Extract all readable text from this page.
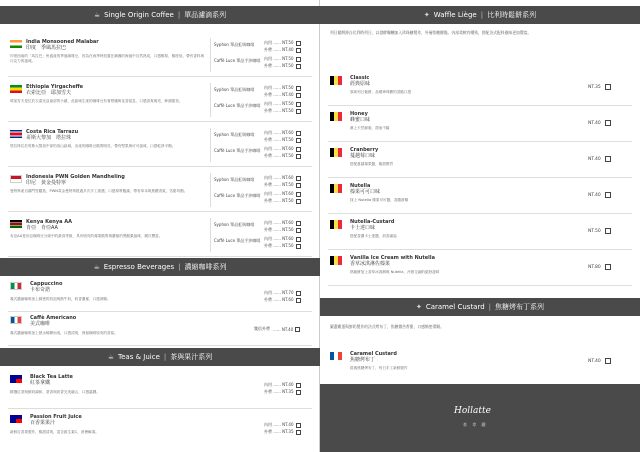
☕ Single Origin Coffee | 單品濾滴系列
India Monsooned Malabar
印度　季風馬拉巴
印度西南的「馬拉巴」州盛產的季風咖啡豆，因為在雨季時放置在潮濕的海風中自然熟成，口感醇厚，酸度低，帶有香料與巧克力的風味。
Syphon 單品虹吸咖啡 內用 ...... NT.50
外帶 ...... NT.40
Caffè Luce 單品手沖咖啡 內用 ...... NT.50
外帶 ...... NT.50
Ethiopia Yirgacheffe
衣索比亞　耶加雪夫
耶加雪夫是位於衣索比亞南部的小鎮，此區域生產的咖啡豆有著柑橘與花香氣息，口感清爽明亮，餘韻甜美。
Syphon 單品虹吸咖啡 內用 ...... NT.50
外帶 ...... NT.40
Caffè Luce 單品手沖咖啡 內用 ...... NT.50
外帶 ...... NT.50
Costa Rica Tarrazu
哥斯大黎加　塔拉珠
塔拉珠位於哥斯大黎加中部的高山區域，出產的咖啡豆酸質明亮，帶有堅果與可可風味，口感乾淨平衡。
Syphon 單品虹吸咖啡 內用 ...... NT.60
外帶 ...... NT.50
Caffè Luce 單品手沖咖啡 內用 ...... NT.60
外帶 ...... NT.50
Indonesia PWN Golden Mandheling
印尼　黃金曼特寧
曼特寧產自蘇門答臘島，PWN黃金曼特寧經過多次手工挑選，口感厚實飽滿，帶有草本與焦糖香氣，苦甜均衡。
Syphon 單品虹吸咖啡 內用 ...... NT.60
外帶 ...... NT.50
Caffè Luce 單品手沖咖啡 內用 ...... NT.60
外帶 ...... NT.50
Kenya Kenya AA
肯亞　肯亞AA
肯亞AA是肯亞咖啡豆分級中的最高等級，具有明亮的莓果酸質與濃郁的黑醋栗風味，層次豐富。
Syphon 單品虹吸咖啡 內用 ...... NT.60
外帶 ...... NT.50
Caffè Luce 單品手沖咖啡 內用 ...... NT.60
外帶 ...... NT.50
☕ Espresso Beverages | 濃縮咖啡系列
Cappuccino
卡布奇諾
義式濃縮咖啡加上綿密的奶泡與熱牛奶，奶香濃郁、口感滑順。
內用 ...... NT.70
外帶 ...... NT.60
Caffè Americano
美式咖啡
義式濃縮咖啡加上熱水稀釋而成，口感清爽，保留咖啡原有的香氣。
雙倍外帶 ...... NT.40
☕ Teas & Juice | 茶與果汁系列
Black Tea Latte
紅茶拿鐵
精選紅茶與鮮奶調和，茶香與奶香完美融合，口感溫潤。
內用 ...... NT.40
外帶 ...... NT.35
Passion Fruit Juice
百香果果汁
新鮮百香果製作，酸甜清爽，富含維生素C，消暑解渴。
內用 ...... NT.40
外帶 ...... NT.35
✦ Waffle Liège | 比利時鬆餅系列
列日鬆餅源自比利時列日，以發酵麵糰加入珍珠糖製作，外層焦糖酥脆、內部柔軟有嚼勁，搭配各式配料風味更加豐富。
Classic
經典原味
原味列日鬆餅，品嚐珍珠糖的香脆口感
NT.35
Honey
蜂蜜口味
淋上天然蜂蜜，甜而不膩
NT.40
Cranberry
蔓越莓口味
搭配蔓越莓果醬，酸甜開胃
NT.40
Nutella
榛果可可口味
抹上 Nutella 榛果可可醬，香濃滑順
NT.40
Nutella-Custard
卡士達口味
搭配香濃卡士達醬，奶香滿溢
NT.50
Vanilla Ice Cream with Nutella
香草冰淇淋佐榛果
熱鬆餅加上香草冰淇淋與 Nutella，冷熱交融的絕妙滋味
NT.80
✦ Caramel Custard | 焦糖烤布丁系列
嚴選雞蛋與鮮奶製作的法式烤布丁，焦糖微苦香甜，口感綿密滑順。
Caramel Custard
焦糖烤布丁
經典焦糖烤布丁，每日手工新鮮製作
NT.40
Hollatte
豪 拿 鐵
